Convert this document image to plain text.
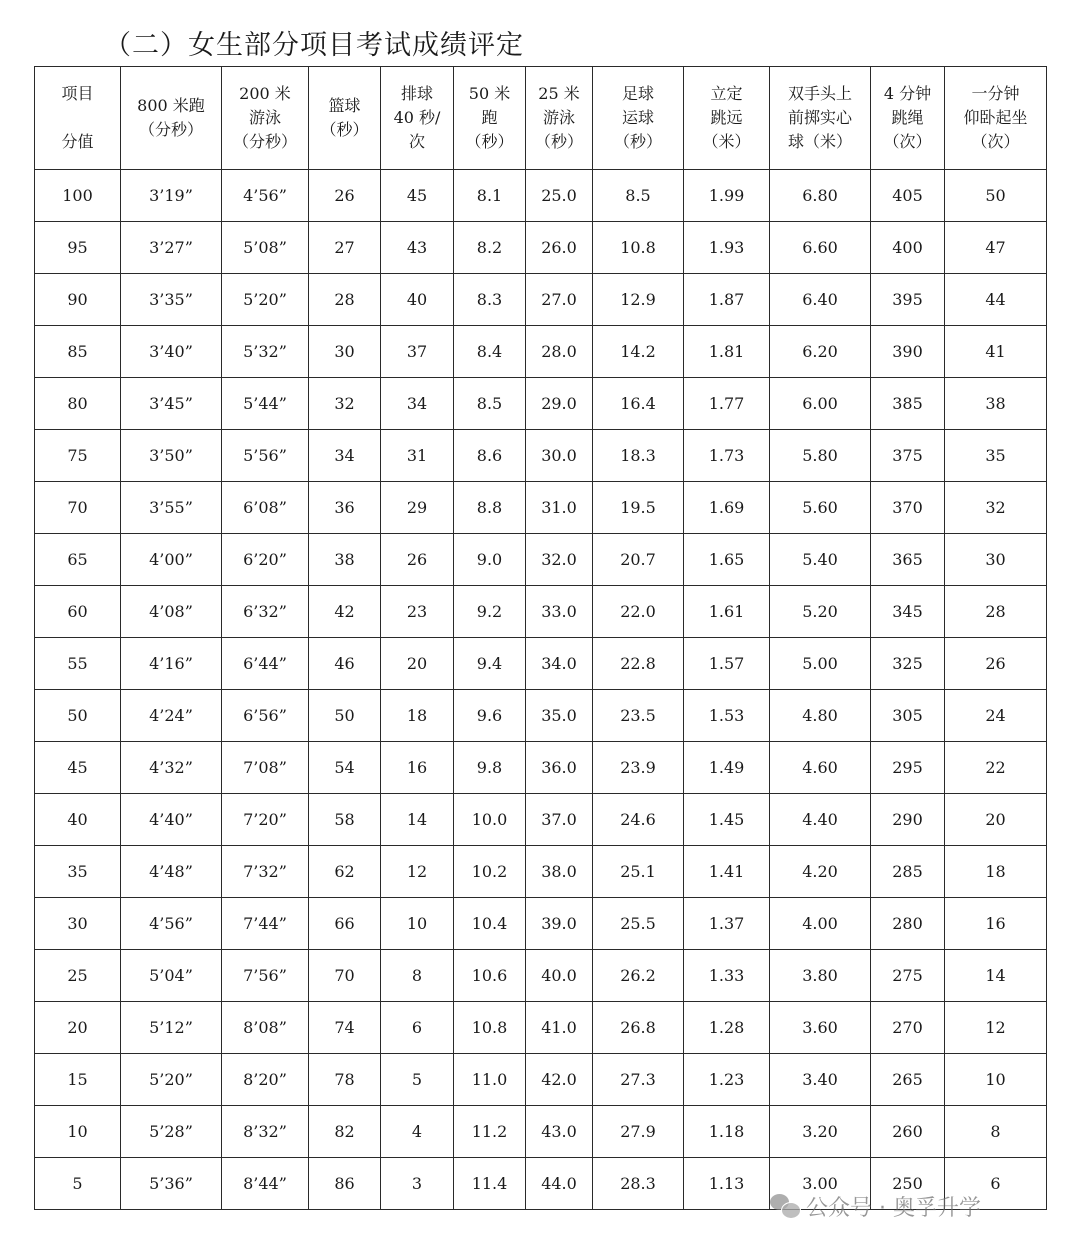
（二）女生部分项目考试成绩评定
项目
分值	800 米跑
（分秒）	200 米
游泳
（分秒）	篮球
（秒）	排球
40 秒/
次	50 米
跑
（秒）	25 米
游泳
（秒）	足球
运球
（秒）	立定
跳远
（米）	双手头上
前掷实心
球（米）	4 分钟
跳绳
（次）	一分钟
仰卧起坐
（次）

100	3’19”	4’56”	26	45	8.1	25.0	8.5	1.99	6.80	405	50
95	3’27”	5’08”	27	43	8.2	26.0	10.8	1.93	6.60	400	47
90	3’35”	5’20”	28	40	8.3	27.0	12.9	1.87	6.40	395	44
85	3’40”	5’32”	30	37	8.4	28.0	14.2	1.81	6.20	390	41
80	3’45”	5’44”	32	34	8.5	29.0	16.4	1.77	6.00	385	38
75	3’50”	5’56”	34	31	8.6	30.0	18.3	1.73	5.80	375	35
70	3’55”	6’08”	36	29	8.8	31.0	19.5	1.69	5.60	370	32
65	4’00”	6’20”	38	26	9.0	32.0	20.7	1.65	5.40	365	30
60	4’08”	6’32”	42	23	9.2	33.0	22.0	1.61	5.20	345	28
55	4’16”	6’44”	46	20	9.4	34.0	22.8	1.57	5.00	325	26
50	4’24”	6’56”	50	18	9.6	35.0	23.5	1.53	4.80	305	24
45	4’32”	7’08”	54	16	9.8	36.0	23.9	1.49	4.60	295	22
40	4’40”	7’20”	58	14	10.0	37.0	24.6	1.45	4.40	290	20
35	4’48”	7’32”	62	12	10.2	38.0	25.1	1.41	4.20	285	18
30	4’56”	7’44”	66	10	10.4	39.0	25.5	1.37	4.00	280	16
25	5’04”	7’56”	70	8	10.6	40.0	26.2	1.33	3.80	275	14
20	5’12”	8’08”	74	6	10.8	41.0	26.8	1.28	3.60	270	12
15	5’20”	8’20”	78	5	11.0	42.0	27.3	1.23	3.40	265	10
10	5’28”	8’32”	82	4	11.2	43.0	27.9	1.18	3.20	260	8
5	5’36”	8’44”	86	3	11.4	44.0	28.3	1.13	3.00	250	6
公众号 · 奥孚升学
